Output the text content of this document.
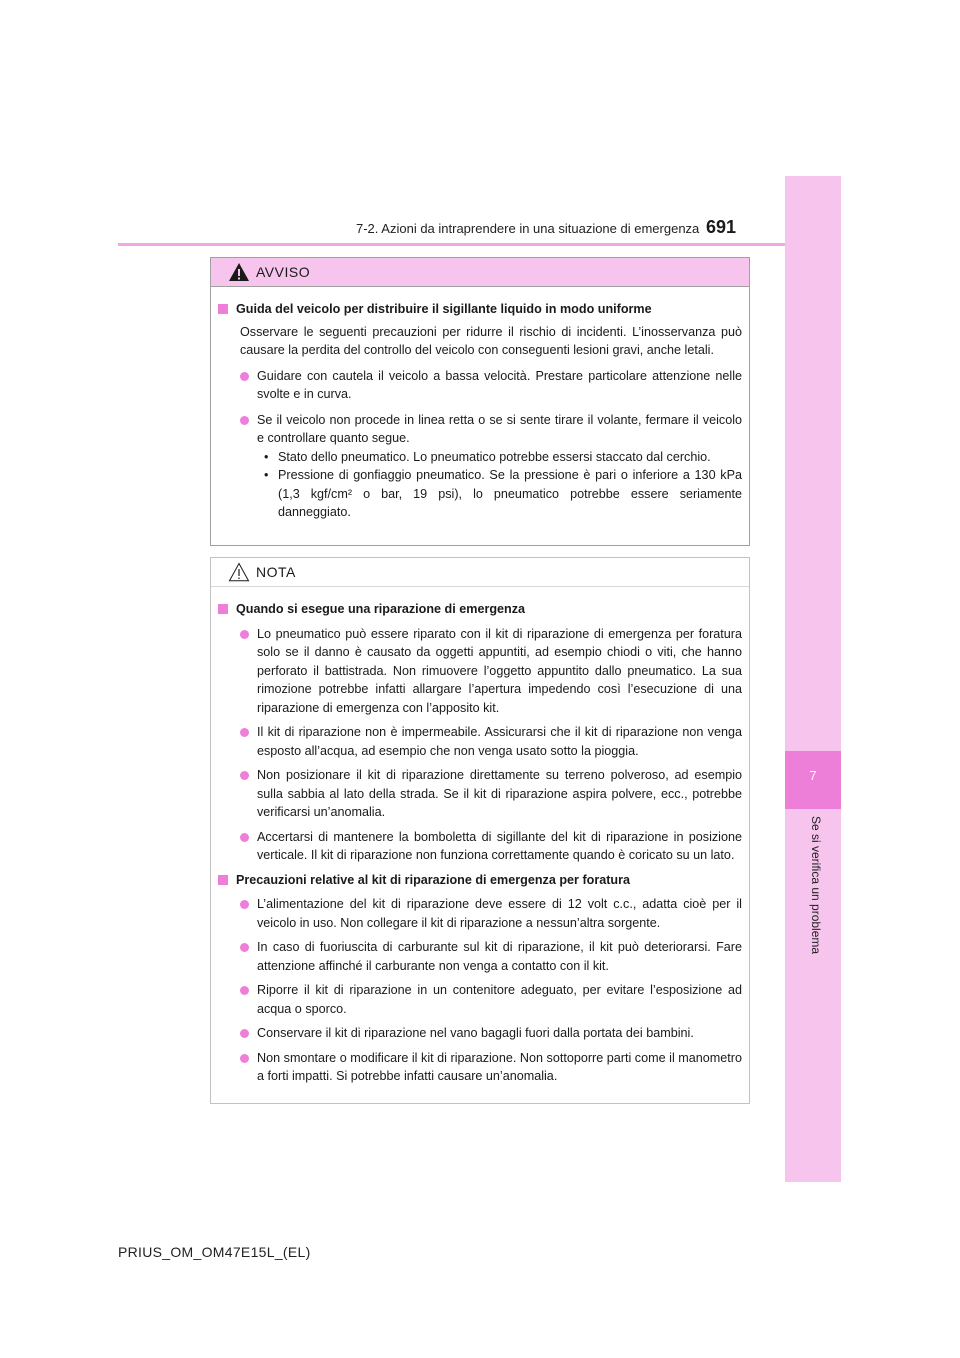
7
Se si verifica un problema
7-2. Azioni da intraprendere in una situazione di emergenza 691
AVVISO
Guida del veicolo per distribuire il sigillante liquido in modo uniforme
Osservare le seguenti precauzioni per ridurre il rischio di incidenti. L’inosservanza può causare la perdita del controllo del veicolo con conseguenti lesioni gravi, anche letali.
Guidare con cautela il veicolo a bassa velocità. Prestare particolare attenzione nelle svolte e in curva.
Se il veicolo non procede in linea retta o se si sente tirare il volante, fermare il veicolo e controllare quanto segue.
• Stato dello pneumatico. Lo pneumatico potrebbe essersi staccato dal cerchio.
• Pressione di gonfiaggio pneumatico. Se la pressione è pari o inferiore a 130 kPa (1,3 kgf/cm² o bar, 19 psi), lo pneumatico potrebbe essere seriamente danneggiato.
NOTA
Quando si esegue una riparazione di emergenza
Lo pneumatico può essere riparato con il kit di riparazione di emergenza per foratura solo se il danno è causato da oggetti appuntiti, ad esempio chiodi o viti, che hanno perforato il battistrada. Non rimuovere l’oggetto appuntito dallo pneumatico. La sua rimozione potrebbe infatti allargare l’apertura impedendo così l’esecuzione di una riparazione di emergenza con l’apposito kit.
Il kit di riparazione non è impermeabile. Assicurarsi che il kit di riparazione non venga esposto all’acqua, ad esempio che non venga usato sotto la pioggia.
Non posizionare il kit di riparazione direttamente su terreno polveroso, ad esempio sulla sabbia al lato della strada. Se il kit di riparazione aspira polvere, ecc., potrebbe verificarsi un’anomalia.
Accertarsi di mantenere la bomboletta di sigillante del kit di riparazione in posizione verticale. Il kit di riparazione non funziona correttamente quando è coricato su un lato.
Precauzioni relative al kit di riparazione di emergenza per foratura
L’alimentazione del kit di riparazione deve essere di 12 volt c.c., adatta cioè per il veicolo in uso. Non collegare il kit di riparazione a nessun’altra sorgente.
In caso di fuoriuscita di carburante sul kit di riparazione, il kit può deteriorarsi. Fare attenzione affinché il carburante non venga a contatto con il kit.
Riporre il kit di riparazione in un contenitore adeguato, per evitare l’esposizione ad acqua o sporco.
Conservare il kit di riparazione nel vano bagagli fuori dalla portata dei bambini.
Non smontare o modificare il kit di riparazione. Non sottoporre parti come il manometro a forti impatti. Si potrebbe infatti causare un’anomalia.
PRIUS_OM_OM47E15L_(EL)
